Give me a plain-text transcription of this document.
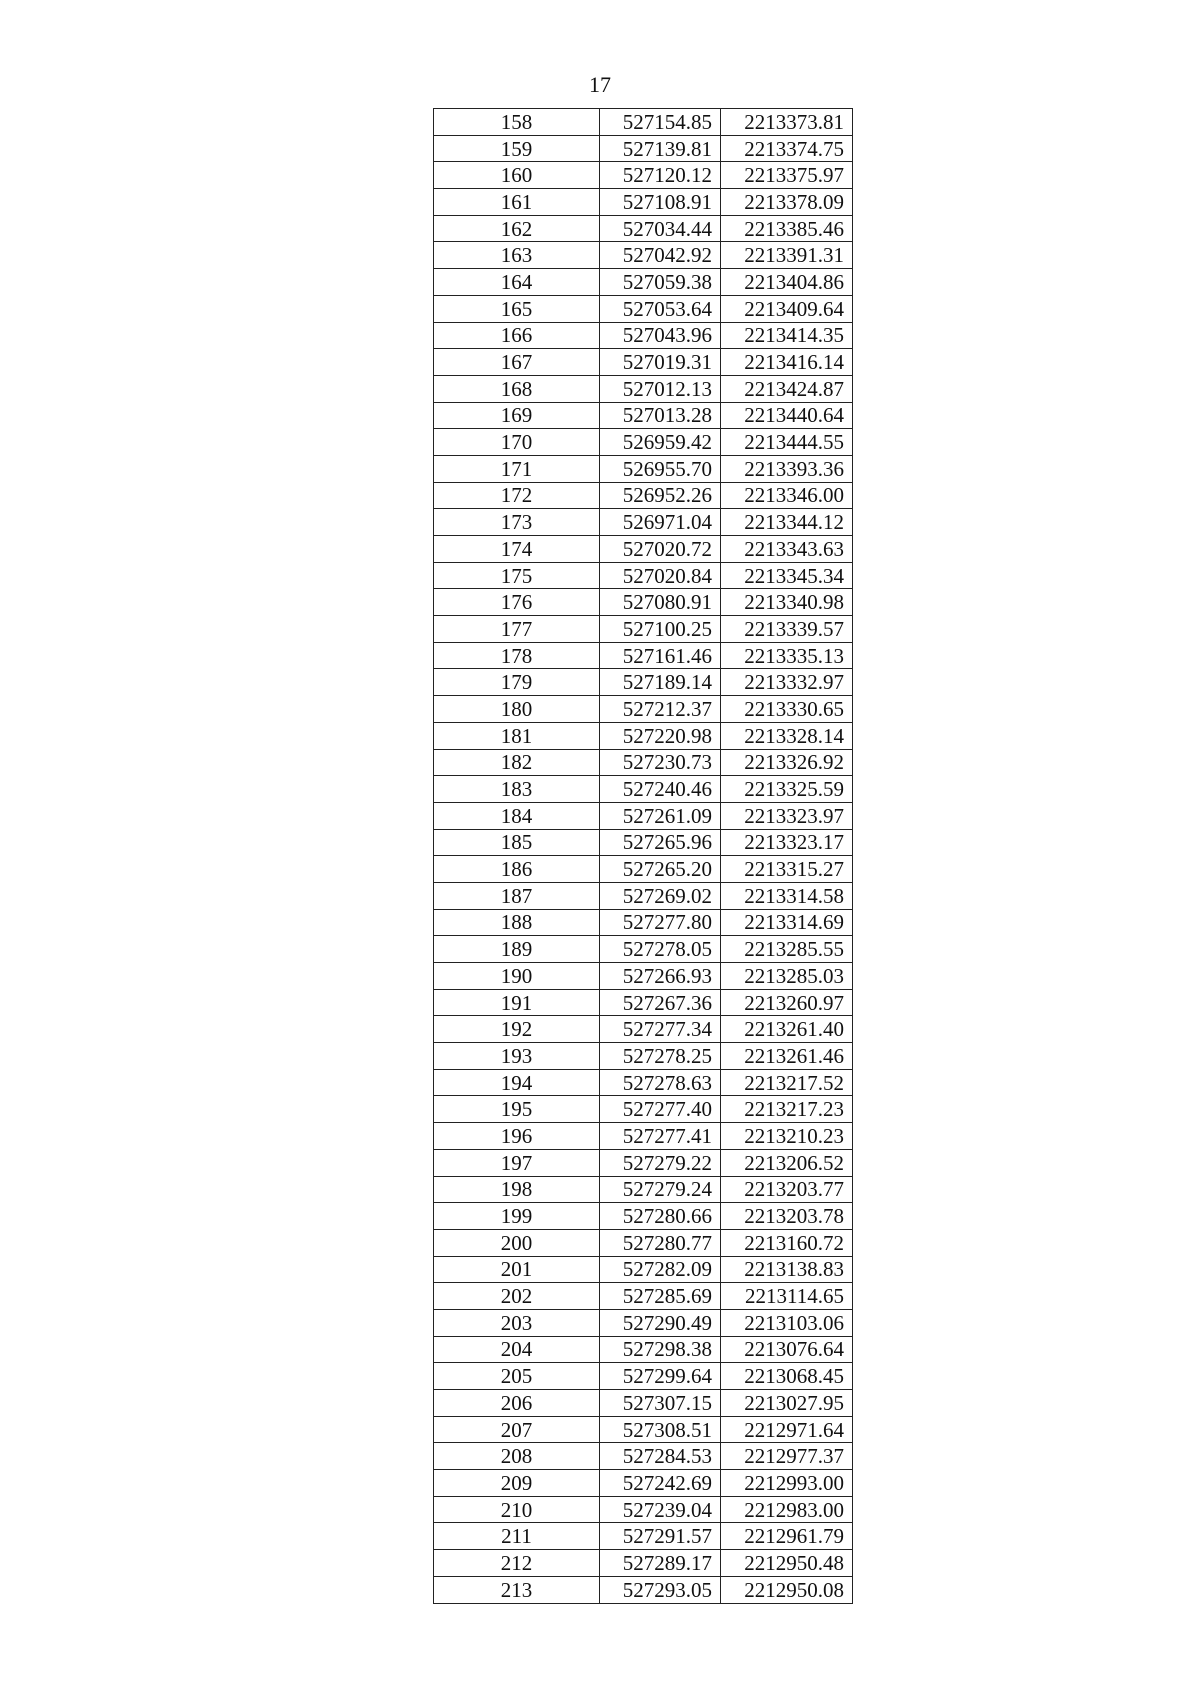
17
158	527154.85	2213373.81
159	527139.81	2213374.75
160	527120.12	2213375.97
161	527108.91	2213378.09
162	527034.44	2213385.46
163	527042.92	2213391.31
164	527059.38	2213404.86
165	527053.64	2213409.64
166	527043.96	2213414.35
167	527019.31	2213416.14
168	527012.13	2213424.87
169	527013.28	2213440.64
170	526959.42	2213444.55
171	526955.70	2213393.36
172	526952.26	2213346.00
173	526971.04	2213344.12
174	527020.72	2213343.63
175	527020.84	2213345.34
176	527080.91	2213340.98
177	527100.25	2213339.57
178	527161.46	2213335.13
179	527189.14	2213332.97
180	527212.37	2213330.65
181	527220.98	2213328.14
182	527230.73	2213326.92
183	527240.46	2213325.59
184	527261.09	2213323.97
185	527265.96	2213323.17
186	527265.20	2213315.27
187	527269.02	2213314.58
188	527277.80	2213314.69
189	527278.05	2213285.55
190	527266.93	2213285.03
191	527267.36	2213260.97
192	527277.34	2213261.40
193	527278.25	2213261.46
194	527278.63	2213217.52
195	527277.40	2213217.23
196	527277.41	2213210.23
197	527279.22	2213206.52
198	527279.24	2213203.77
199	527280.66	2213203.78
200	527280.77	2213160.72
201	527282.09	2213138.83
202	527285.69	2213114.65
203	527290.49	2213103.06
204	527298.38	2213076.64
205	527299.64	2213068.45
206	527307.15	2213027.95
207	527308.51	2212971.64
208	527284.53	2212977.37
209	527242.69	2212993.00
210	527239.04	2212983.00
211	527291.57	2212961.79
212	527289.17	2212950.48
213	527293.05	2212950.08
